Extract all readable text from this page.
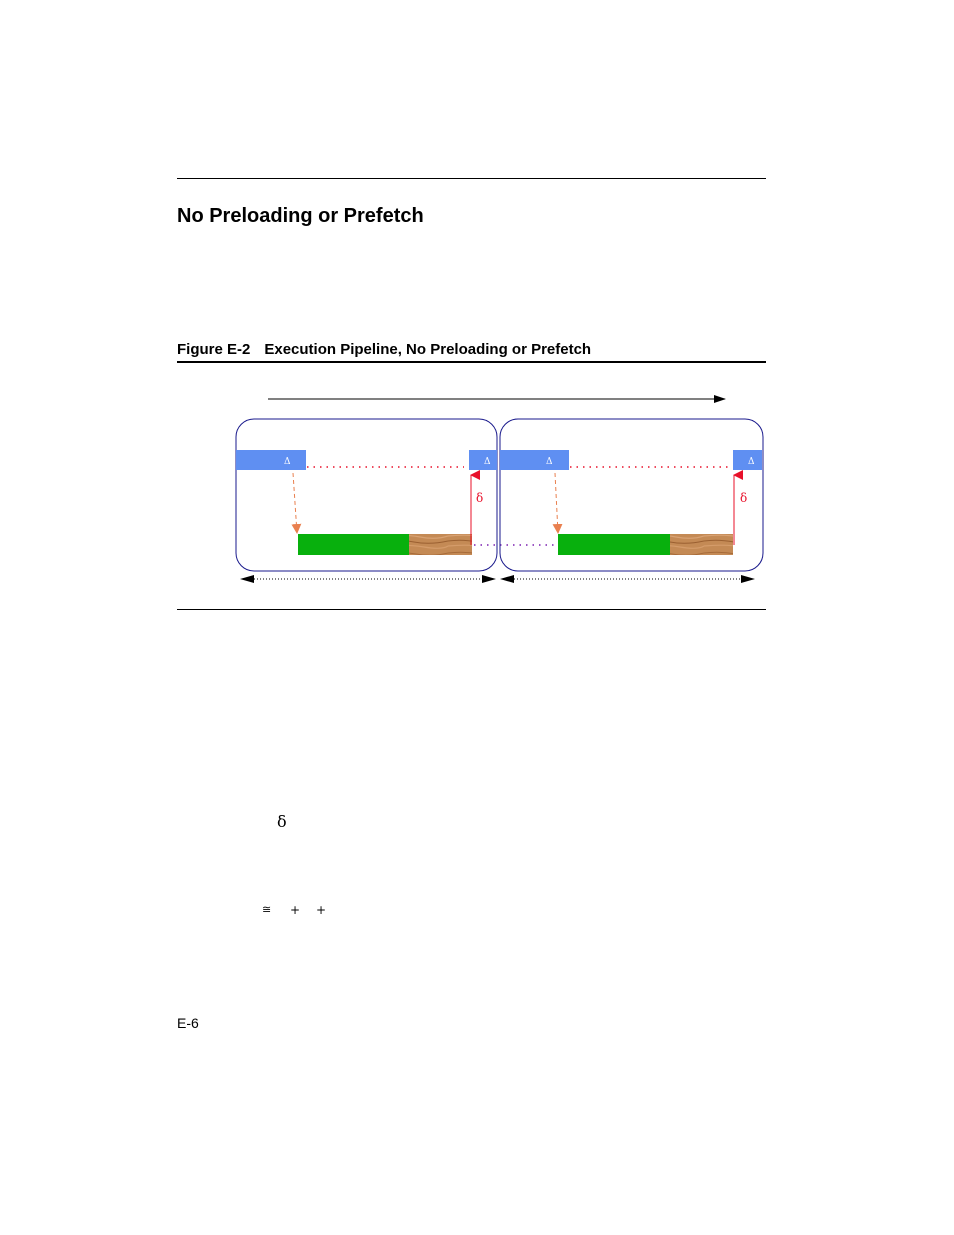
No Preloading or Prefetch
Figure E-2 Execution Pipeline, No Preloading or Prefetch
Δ	Δ	Δ	Δ
δ	δ
δ
≅ + +
E-6
